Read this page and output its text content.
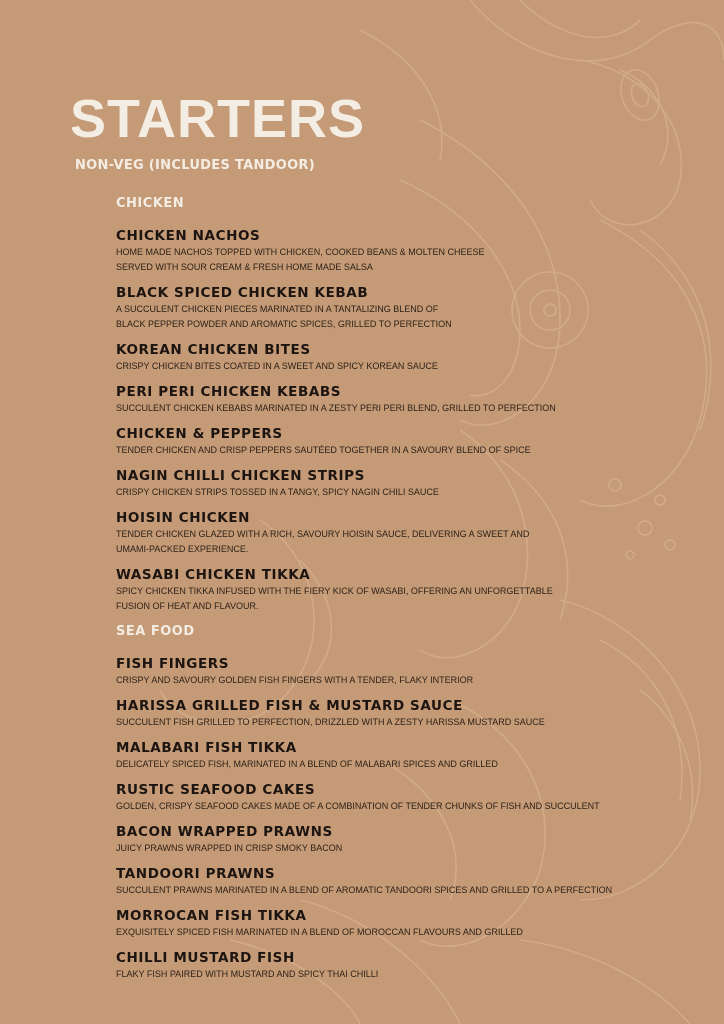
STARTERS
NON-VEG (INCLUDES TANDOOR)
CHICKEN
CHICKEN NACHOS
HOME MADE NACHOS TOPPED WITH CHICKEN, COOKED BEANS & MOLTEN CHEESE
SERVED WITH SOUR CREAM & FRESH HOME MADE SALSA
BLACK SPICED CHICKEN KEBAB
A SUCCULENT CHICKEN PIECES MARINATED IN A TANTALIZING BLEND OF
BLACK PEPPER POWDER AND AROMATIC SPICES, GRILLED TO PERFECTION
KOREAN CHICKEN BITES
CRISPY CHICKEN BITES COATED IN A SWEET AND SPICY KOREAN SAUCE
PERI PERI CHICKEN KEBABS
SUCCULENT CHICKEN KEBABS MARINATED IN A ZESTY PERI PERI BLEND, GRILLED TO PERFECTION
CHICKEN & PEPPERS
TENDER CHICKEN AND CRISP PEPPERS SAUTÉED TOGETHER IN A SAVOURY BLEND OF SPICE
NAGIN CHILLI CHICKEN STRIPS
CRISPY CHICKEN STRIPS TOSSED IN A TANGY, SPICY NAGIN CHILI SAUCE
HOISIN CHICKEN
TENDER CHICKEN GLAZED WITH A RICH, SAVOURY HOISIN SAUCE, DELIVERING A SWEET AND
UMAMI-PACKED EXPERIENCE.
WASABI CHICKEN TIKKA
SPICY CHICKEN TIKKA INFUSED WITH THE FIERY KICK OF WASABI, OFFERING AN UNFORGETTABLE
FUSION OF HEAT AND FLAVOUR.
SEA FOOD
FISH FINGERS
CRISPY AND SAVOURY GOLDEN FISH FINGERS WITH A TENDER, FLAKY INTERIOR
HARISSA GRILLED FISH & MUSTARD SAUCE
SUCCULENT FISH GRILLED TO PERFECTION, DRIZZLED WITH A ZESTY HARISSA MUSTARD SAUCE
MALABARI FISH TIKKA
DELICATELY SPICED FISH, MARINATED IN A BLEND OF MALABARI SPICES AND GRILLED
RUSTIC SEAFOOD CAKES
GOLDEN, CRISPY SEAFOOD CAKES MADE OF A COMBINATION OF TENDER CHUNKS OF FISH AND SUCCULENT
BACON WRAPPED PRAWNS
JUICY PRAWNS WRAPPED IN CRISP SMOKY BACON
TANDOORI PRAWNS
SUCCULENT PRAWNS MARINATED IN A BLEND OF AROMATIC TANDOORI SPICES AND GRILLED TO A PERFECTION
MORROCAN FISH TIKKA
EXQUISITELY SPICED FISH MARINATED IN A BLEND OF MOROCCAN FLAVOURS AND GRILLED
CHILLI MUSTARD FISH
FLAKY FISH PAIRED WITH MUSTARD AND SPICY THAI CHILLI
